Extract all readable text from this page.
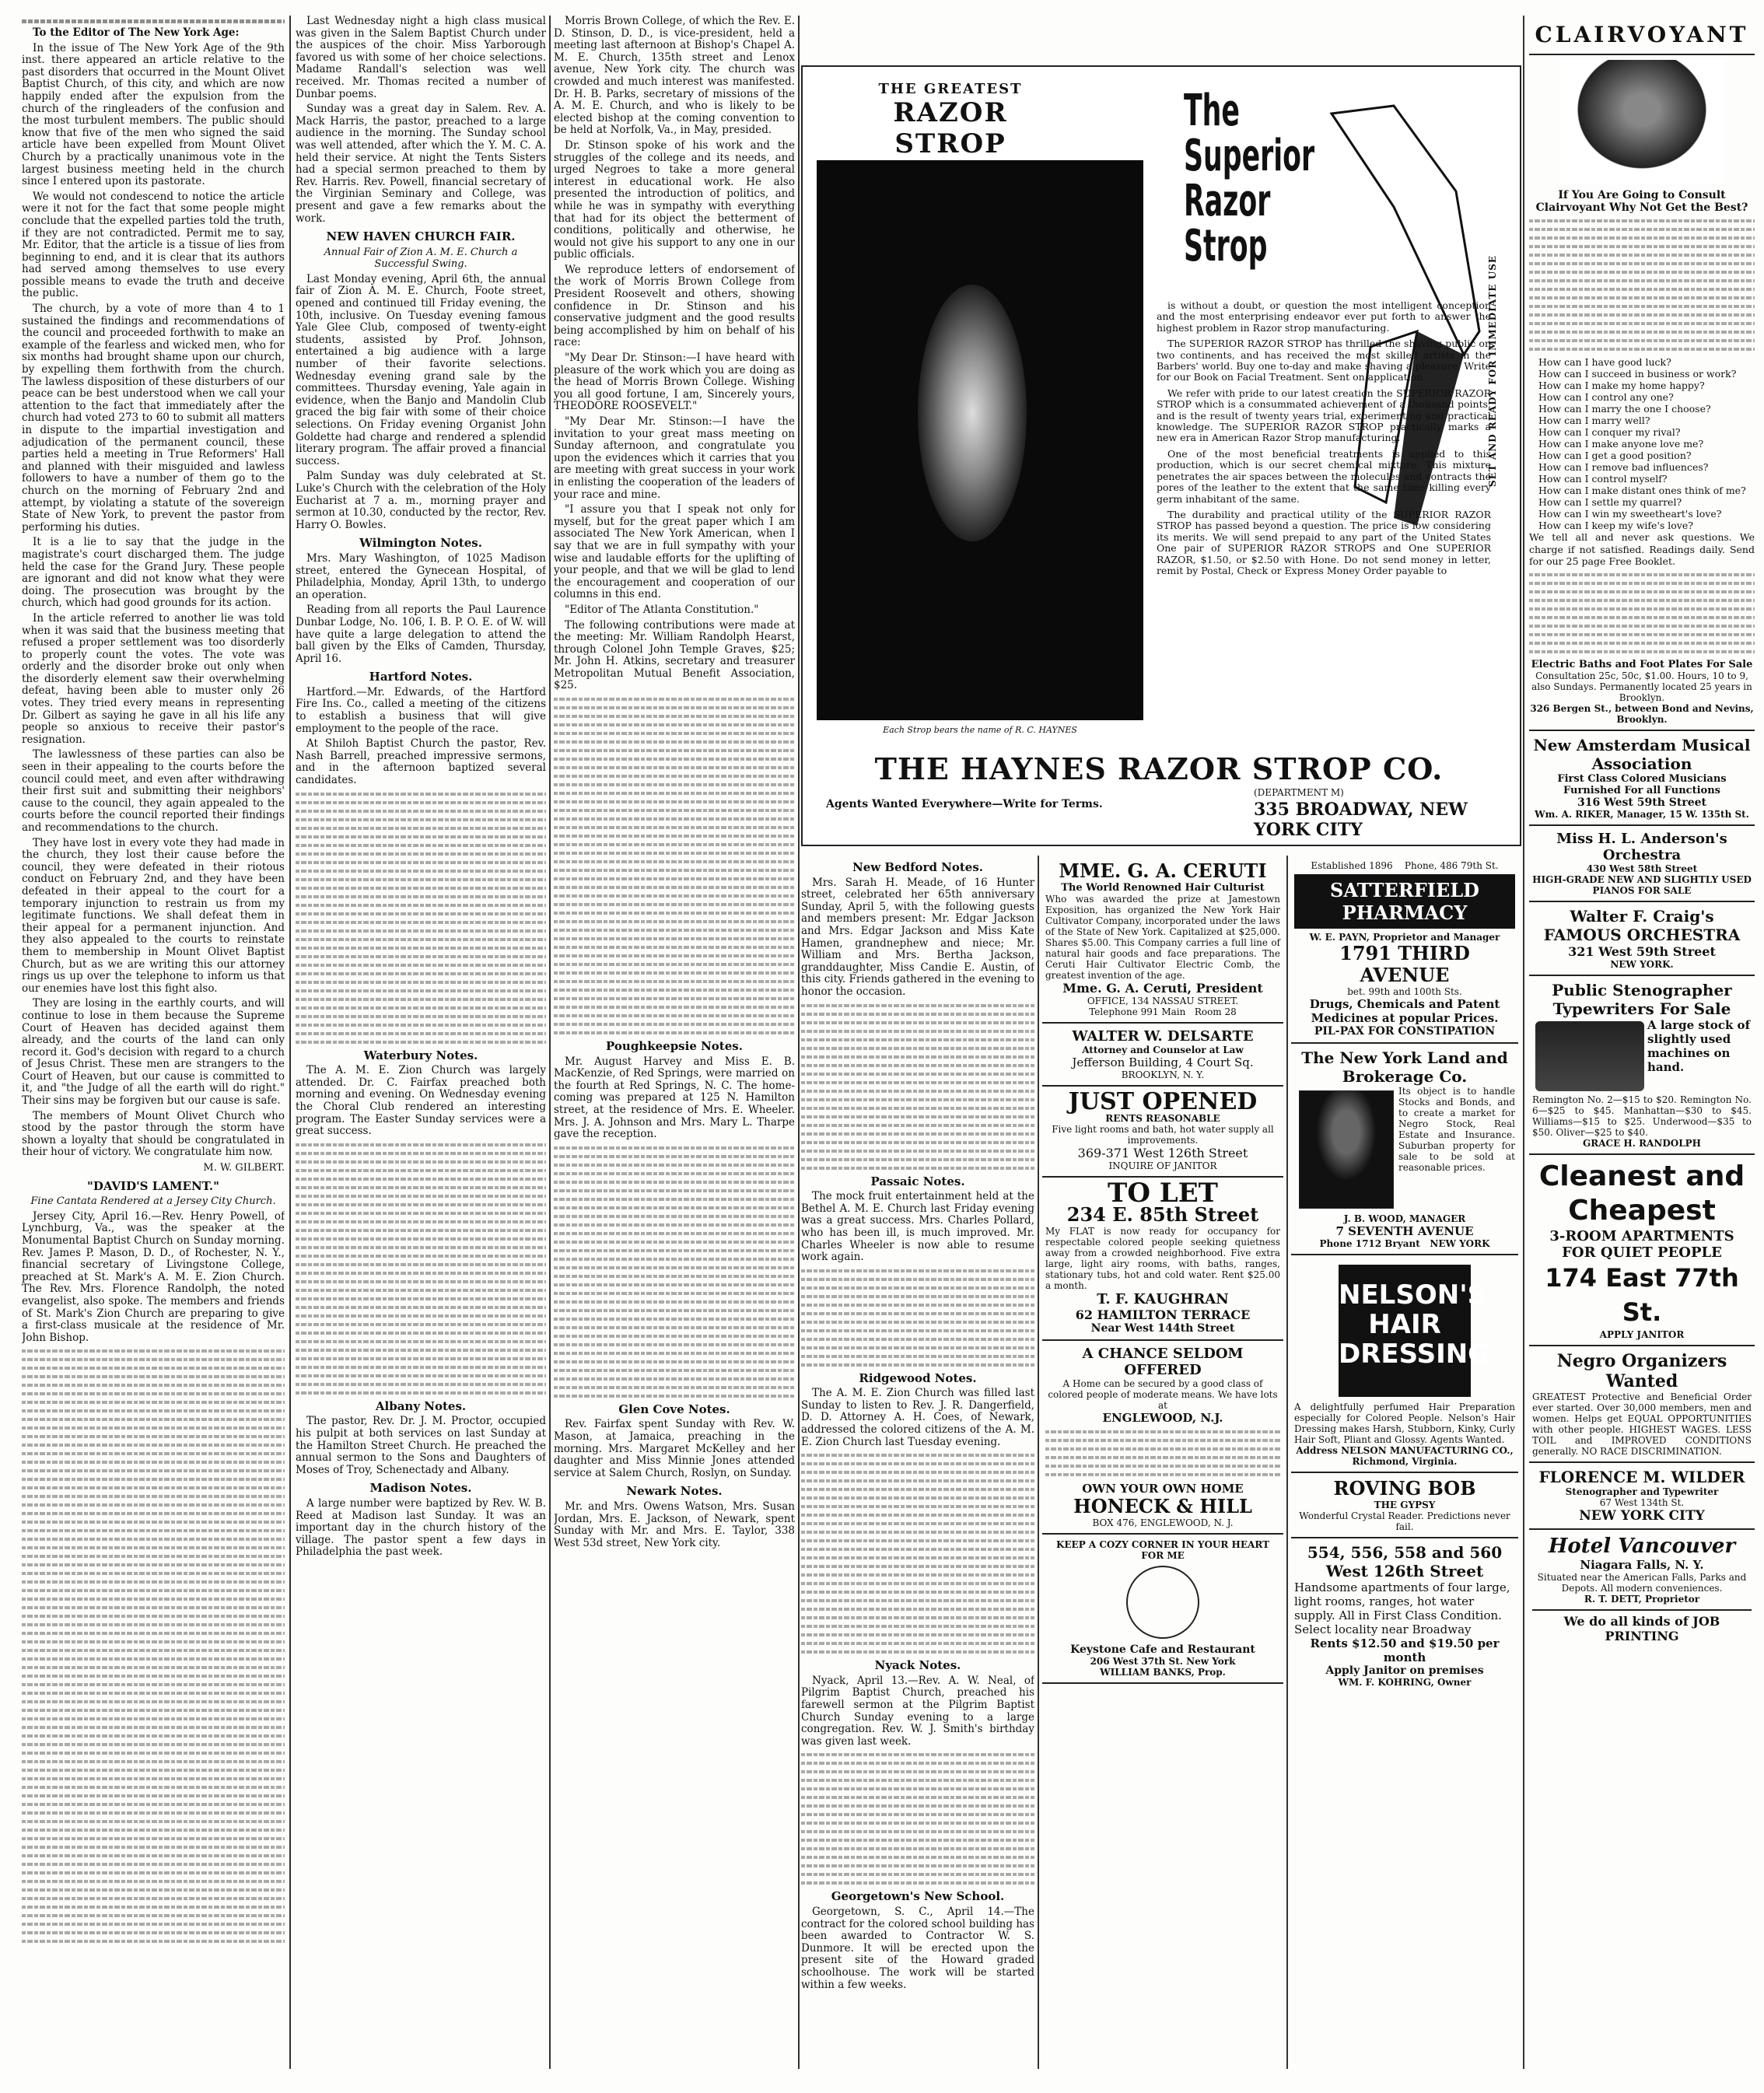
To the Editor of The New York Age:

In the issue of The New York Age of the 9th inst. there appeared an article relative to the past disorders that occurred in the Mount Olivet Baptist Church, of this city, and which are now happily ended after the expulsion from the church of the ringleaders of the confusion and the most turbulent members. The public should know that five of the men who signed the said article have been expelled from Mount Olivet Church by a practically unanimous vote in the largest business meeting held in the church since I entered upon its pastorate.

We would not condescend to notice the article were it not for the fact that some people might conclude that the expelled parties told the truth, if they are not contradicted. Permit me to say, Mr. Editor, that the article is a tissue of lies from beginning to end, and it is clear that its authors had served among themselves to use every possible means to evade the truth and deceive the public.

The church, by a vote of more than 4 to 1 sustained the findings and recommendations of the council and proceeded forthwith to make an example of the fearless and wicked men, who for six months had brought shame upon our church, by expelling them forthwith from the church. The lawless disposition of these disturbers of our peace can be best understood when we call your attention to the fact that immediately after the church had voted 273 to 60 to submit all matters in dispute to the impartial investigation and adjudication of the permanent council, these parties held a meeting in True Reformers' Hall and planned with their misguided and lawless followers to have a number of them go to the church on the morning of February 2nd and attempt, by violating a statute of the sovereign State of New York, to prevent the pastor from performing his duties.

It is a lie to say that the judge in the magistrate's court discharged them. The judge held the case for the Grand Jury. These people are ignorant and did not know what they were doing. The prosecution was brought by the church, which had good grounds for its action.

In the article referred to another lie was told when it was said that the business meeting that refused a proper settlement was too disorderly to properly count the votes. The vote was orderly and the disorder broke out only when the disorderly element saw their overwhelming defeat, having been able to muster only 26 votes. They tried every means in representing Dr. Gilbert as saying he gave in all his life any people so anxious to receive their pastor's resignation.

The lawlessness of these parties can also be seen in their appealing to the courts before the council could meet, and even after withdrawing their first suit and submitting their neighbors' cause to the council, they again appealed to the courts before the council reported their findings and recommendations to the church.

They have lost in every vote they had made in the church, they lost their cause before the council, they were defeated in their riotous conduct on February 2nd, and they have been defeated in their appeal to the court for a temporary injunction to restrain us from my legitimate functions. We shall defeat them in their appeal for a permanent injunction. And they also appealed to the courts to reinstate them to membership in Mount Olivet Baptist Church, but as we are writing this our attorney rings us up over the telephone to inform us that our enemies have lost this fight also.

They are losing in the earthly courts, and will continue to lose in them because the Supreme Court of Heaven has decided against them already, and the courts of the land can only record it. God's decision with regard to a church of Jesus Christ. These men are strangers to the Court of Heaven, but our cause is committed to it, and "the Judge of all the earth will do right." Their sins may be forgiven but our cause is safe.

The members of Mount Olivet Church who stood by the pastor through the storm have shown a loyalty that should be congratulated in their hour of victory. We congratulate him now.

M. W. GILBERT.
"DAVID'S LAMENT."
Fine Cantata Rendered at a Jersey City Church.

Jersey City, April 16.—Rev. Henry Powell, of Lynchburg, Va., was the speaker at the Monumental Baptist Church on Sunday morning. Rev. James P. Mason, D. D., of Rochester, N. Y., financial secretary of Livingstone College, preached at St. Mark's A. M. E. Zion Church. The Rev. Mrs. Florence Randolph, the noted evangelist, also spoke. The members and friends of St. Mark's Zion Church are preparing to give a first-class musicale at the residence of Mr. John Bishop.

Last Wednesday night a high class musical was given in the Salem Baptist Church under the auspices of the choir. Miss Yarborough favored us with some of her choice selections. Madame Randall's selection was well received. Mr. Thomas recited a number of Dunbar poems.

Sunday was a great day in Salem. Rev. A. Mack Harris, the pastor, preached to a large audience in the morning. The Sunday school was well attended, after which the Y. M. C. A. held their service. At night the Tents Sisters had a special sermon preached to them by Rev. Harris. Rev. Powell, financial secretary of the Virginian Seminary and College, was present and gave a few remarks about the work.

NEW HAVEN CHURCH FAIR.
Annual Fair of Zion A. M. E. Church a Successful Swing.

Last Monday evening, April 6th, the annual fair of Zion A. M. E. Church, Foote street, opened and continued till Friday evening, the 10th, inclusive. On Tuesday evening famous Yale Glee Club, composed of twenty-eight students, assisted by Prof. Johnson, entertained a big audience with a large number of their favorite selections. Wednesday evening grand sale by the committees. Thursday evening, Yale again in evidence, when the Banjo and Mandolin Club graced the big fair with some of their choice selections. On Friday evening Organist John Goldette had charge and rendered a splendid literary program. The affair proved a financial success.

Palm Sunday was duly celebrated at St. Luke's Church with the celebration of the Holy Eucharist at 7 a. m., morning prayer and sermon at 10.30, conducted by the rector, Rev. Harry O. Bowles.

Wilmington Notes.

Mrs. Mary Washington, of 1025 Madison street, entered the Gynecean Hospital, of Philadelphia, Monday, April 13th, to undergo an operation.

Reading from all reports the Paul Laurence Dunbar Lodge, No. 106, I. B. P. O. E. of W. will have quite a large delegation to attend the ball given by the Elks of Camden, Thursday, April 16.

Hartford Notes.

Hartford.—Mr. Edwards, of the Hartford Fire Ins. Co., called a meeting of the citizens to establish a business that will give employment to the people of the race.

At Shiloh Baptist Church the pastor, Rev. Nash Barrell, preached impressive sermons, and in the afternoon baptized several candidates.

Waterbury Notes.

The A. M. E. Zion Church was largely attended. Dr. C. Fairfax preached both morning and evening. On Wednesday evening the Choral Club rendered an interesting program. The Easter Sunday services were a great success.

Albany Notes.

The pastor, Rev. Dr. J. M. Proctor, occupied his pulpit at both services on last Sunday at the Hamilton Street Church. He preached the annual sermon to the Sons and Daughters of Moses of Troy, Schenectady and Albany.

Madison Notes.

A large number were baptized by Rev. W. B. Reed at Madison last Sunday. It was an important day in the church history of the village. The pastor spent a few days in Philadelphia the past week.

Morris Brown College, of which the Rev. E. D. Stinson, D. D., is vice-president, held a meeting last afternoon at Bishop's Chapel A. M. E. Church, 135th street and Lenox avenue, New York city. The church was crowded and much interest was manifested. Dr. H. B. Parks, secretary of missions of the A. M. E. Church, and who is likely to be elected bishop at the coming convention to be held at Norfolk, Va., in May, presided.

Dr. Stinson spoke of his work and the struggles of the college and its needs, and urged Negroes to take a more general interest in educational work. He also presented the introduction of politics, and while he was in sympathy with everything that had for its object the betterment of conditions, politically and otherwise, he would not give his support to any one in our public officials.

We reproduce letters of endorsement of the work of Morris Brown College from President Roosevelt and others, showing confidence in Dr. Stinson and his conservative judgment and the good results being accomplished by him on behalf of his race:

"My Dear Dr. Stinson:—I have heard with pleasure of the work which you are doing as the head of Morris Brown College. Wishing you all good fortune, I am, Sincerely yours, THEODORE ROOSEVELT."

"My Dear Mr. Stinson:—I have the invitation to your great mass meeting on Sunday afternoon, and congratulate you upon the evidences which it carries that you are meeting with great success in your work in enlisting the cooperation of the leaders of your race and mine.

"I assure you that I speak not only for myself, but for the great paper which I am associated The New York American, when I say that we are in full sympathy with your wise and laudable efforts for the uplifting of your people, and that we will be glad to lend the encouragement and cooperation of our columns in this end.

"Editor of The Atlanta Constitution."

The following contributions were made at the meeting: Mr. William Randolph Hearst, through Colonel John Temple Graves, $25; Mr. John H. Atkins, secretary and treasurer Metropolitan Mutual Benefit Association, $25.

Poughkeepsie Notes.

Mr. August Harvey and Miss E. B. MacKenzie, of Red Springs, were married on the fourth at Red Springs, N. C. The home-coming was prepared at 125 N. Hamilton street, at the residence of Mrs. E. Wheeler. Mrs. J. A. Johnson and Mrs. Mary L. Tharpe gave the reception.

Glen Cove Notes.

Rev. Fairfax spent Sunday with Rev. W. Mason, at Jamaica, preaching in the morning. Mrs. Margaret McKelley and her daughter and Miss Minnie Jones attended service at Salem Church, Roslyn, on Sunday.

Newark Notes.

Mr. and Mrs. Owens Watson, Mrs. Susan Jordan, Mrs. E. Jackson, of Newark, spent Sunday with Mr. and Mrs. E. Taylor, 338 West 53d street, New York city.

THE GREATEST
RAZOR STROP
Each Strop bears the name of R. C. HAYNES
The Superior Razor Strop
SET AND READY FOR IMMEDIATE USE

is without a doubt, or question the most intelligent conception and the most enterprising endeavor ever put forth to answer the highest problem in Razor strop manufacturing.

The SUPERIOR RAZOR STROP has thrilled the shaving public on two continents, and has received the most skilled artists in the Barbers' world. Buy one to-day and make shaving a pleasure. Write for our Book on Facial Treatment. Sent on application.

We refer with pride to our latest creation the SUPERIOR RAZOR STROP which is a consummated achievement of a thousand points, and is the result of twenty years trial, experimenting and practical knowledge. The SUPERIOR RAZOR STROP practically marks a new era in American Razor Strop manufacturing.

One of the most beneficial treatments is applied to this production, which is our secret chemical mixture. This mixture penetrates the air spaces between the molecules and contracts the pores of the leather to the extent that the same time killing every germ inhabitant of the same.

The durability and practical utility of the SUPERIOR RAZOR STROP has passed beyond a question. The price is low considering its merits. We will send prepaid to any part of the United States One pair of SUPERIOR RAZOR STROPS and One SUPERIOR RAZOR, $1.50, or $2.50 with Hone. Do not send money in letter, remit by Postal, Check or Express Money Order payable to

THE HAYNES RAZOR STROP CO.
Agents Wanted Everywhere—Write for Terms.
(DEPARTMENT M)
335 BROADWAY, NEW YORK CITY
New Bedford Notes.

Mrs. Sarah H. Meade, of 16 Hunter street, celebrated her 65th anniversary Sunday, April 5, with the following guests and members present: Mr. Edgar Jackson and Mrs. Edgar Jackson and Miss Kate Hamen, grandnephew and niece; Mr. William and Mrs. Bertha Jackson, granddaughter, Miss Candie E. Austin, of this city. Friends gathered in the evening to honor the occasion.

Passaic Notes.

The mock fruit entertainment held at the Bethel A. M. E. Church last Friday evening was a great success. Mrs. Charles Pollard, who has been ill, is much improved. Mr. Charles Wheeler is now able to resume work again.

Ridgewood Notes.

The A. M. E. Zion Church was filled last Sunday to listen to Rev. J. R. Dangerfield, D. D. Attorney A. H. Coes, of Newark, addressed the colored citizens of the A. M. E. Zion Church last Tuesday evening.

Nyack Notes.

Nyack, April 13.—Rev. A. W. Neal, of Pilgrim Baptist Church, preached his farewell sermon at the Pilgrim Baptist Church Sunday evening to a large congregation. Rev. W. J. Smith's birthday was given last week.

Georgetown's New School.

Georgetown, S. C., April 14.—The contract for the colored school building has been awarded to Contractor W. S. Dunmore. It will be erected upon the present site of the Howard graded schoolhouse. The work will be started within a few weeks.

MME. G. A. CERUTI
The World Renowned Hair Culturist
Who was awarded the prize at Jamestown Exposition, has organized the New York Hair Cultivator Company, incorporated under the laws of the State of New York. Capitalized at $25,000. Shares $5.00. This Company carries a full line of natural hair goods and face preparations. The Ceruti Hair Cultivator Electric Comb, the greatest invention of the age.
Mme. G. A. Ceruti, President
OFFICE, 134 NASSAU STREET.
Telephone 991 Main Room 28
WALTER W. DELSARTE
Attorney and Counselor at Law
Jefferson Building, 4 Court Sq.
BROOKLYN, N. Y.
JUST OPENED
RENTS REASONABLE
Five light rooms and bath, hot water supply all improvements.
369-371 West 126th Street
INQUIRE OF JANITOR
TO LET
234 E. 85th Street
My FLAT is now ready for occupancy for respectable colored people seeking quietness away from a crowded neighborhood. Five extra large, light airy rooms, with baths, ranges, stationary tubs, hot and cold water. Rent $25.00 a month.
T. F. KAUGHRAN
62 HAMILTON TERRACE
Near West 144th Street
A CHANCE SELDOM OFFERED
A Home can be secured by a good class of colored people of moderate means. We have lots at
ENGLEWOOD, N.J.
OWN YOUR OWN HOME
HONECK & HILL
BOX 476, ENGLEWOOD, N. J.
KEEP A COZY CORNER IN YOUR HEART FOR ME
Keystone Cafe and Restaurant
206 West 37th St. New York
WILLIAM BANKS, Prop.
Established 1896 Phone, 486 79th St.
SATTERFIELD PHARMACY
W. E. PAYN, Proprietor and Manager
1791 THIRD AVENUE
bet. 99th and 100th Sts.
Drugs, Chemicals and Patent Medicines at popular Prices.
PIL-PAX FOR CONSTIPATION
The New York Land and Brokerage Co.
Its object is to handle Stocks and Bonds, and to create a market for Negro Stock, Real Estate and Insurance. Suburban property for sale to be sold at reasonable prices.
J. B. WOOD, MANAGER
7 SEVENTH AVENUE
Phone 1712 Bryant NEW YORK
NELSON'S HAIR DRESSING
A delightfully perfumed Hair Preparation especially for Colored People. Nelson's Hair Dressing makes Harsh, Stubborn, Kinky, Curly Hair Soft, Pliant and Glossy. Agents Wanted.
Address NELSON MANUFACTURING CO., Richmond, Virginia.
ROVING BOB
THE GYPSY
Wonderful Crystal Reader. Predictions never fail.
554, 556, 558 and 560 West 126th Street
Handsome apartments of four large, light rooms, ranges, hot water supply. All in First Class Condition. Select locality near Broadway
Rents $12.50 and $19.50 per month
Apply Janitor on premises
WM. F. KOHRING, Owner
CLAIRVOYANT
If You Are Going to Consult Clairvoyant Why Not Get the Best?
How can I have good luck?
How can I succeed in business or work?
How can I make my home happy?
How can I control any one?
How can I marry the one I choose?
How can I marry well?
How can I conquer my rival?
How can I make anyone love me?
How can I get a good position?
How can I remove bad influences?
How can I control myself?
How can I make distant ones think of me?
How can I settle my quarrel?
How can I win my sweetheart's love?
How can I keep my wife's love?
We tell all and never ask questions. We charge if not satisfied. Readings daily. Send for our 25 page Free Booklet.
Electric Baths and Foot Plates For Sale
Consultation 25c, 50c, $1.00. Hours, 10 to 9, also Sundays. Permanently located 25 years in Brooklyn.
326 Bergen St., between Bond and Nevins, Brooklyn.
New Amsterdam Musical Association
First Class Colored Musicians Furnished For all Functions
316 West 59th Street
Wm. A. RIKER, Manager, 15 W. 135th St.
Miss H. L. Anderson's Orchestra
430 West 58th Street
HIGH-GRADE NEW AND SLIGHTLY USED PIANOS FOR SALE
Walter F. Craig's FAMOUS ORCHESTRA
321 West 59th Street
NEW YORK.
Public Stenographer Typewriters For Sale
A large stock of slightly used machines on hand.
Remington No. 2—$15 to $20. Remington No. 6—$25 to $45. Manhattan—$30 to $45. Williams—$15 to $25. Underwood—$35 to $50. Oliver—$25 to $40.
GRACE H. RANDOLPH
Cleanest and Cheapest
3-ROOM APARTMENTS FOR QUIET PEOPLE
174 East 77th St.
APPLY JANITOR
Negro Organizers Wanted
GREATEST Protective and Beneficial Order ever started. Over 30,000 members, men and women. Helps get EQUAL OPPORTUNITIES with other people. HIGHEST WAGES. LESS TOIL and IMPROVED CONDITIONS generally. NO RACE DISCRIMINATION.
FLORENCE M. WILDER
Stenographer and Typewriter
67 West 134th St.
NEW YORK CITY
Hotel Vancouver
Niagara Falls, N. Y.
Situated near the American Falls, Parks and Depots. All modern conveniences.
R. T. DETT, Proprietor
We do all kinds of JOB PRINTING
